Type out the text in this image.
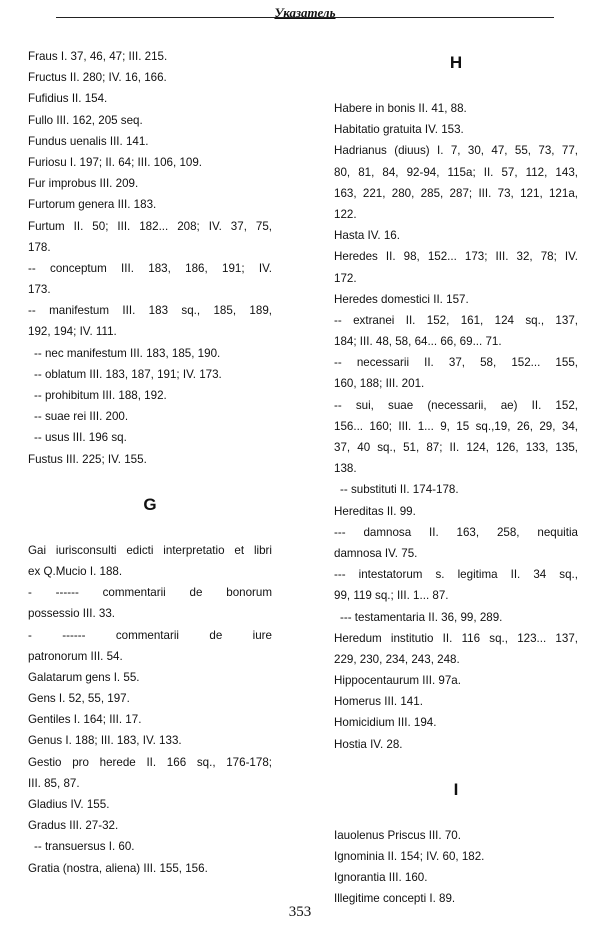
Указатель
Fraus I. 37, 46, 47; III. 215.
Fructus II. 280; IV. 16, 166.
Fufidius II. 154.
Fullo III. 162, 205 seq.
Fundus uenalis III. 141.
Furiosu I. 197; II. 64; III. 106, 109.
Fur improbus III. 209.
Furtorum genera III. 183.
Furtum II. 50; III. 182... 208; IV. 37, 75,
178.
-- conceptum III. 183, 186, 191; IV.
173.
-- manifestum III. 183 sq., 185, 189,
192, 194; IV. 111.
-- nec manifestum III. 183, 185, 190.
-- oblatum III. 183, 187, 191; IV. 173.
-- prohibitum III. 188, 192.
-- suae rei III. 200.
-- usus III. 196 sq.
Fustus III. 225; IV. 155.
G
Gai iurisconsulti edicti interpretatio et libri
ex Q.Mucio I. 188.
- ------ commentarii de bonorum
possessio III. 33.
- ------ commentarii de iure
patronorum III. 54.
Galatarum gens I. 55.
Gens I. 52, 55, 197.
Gentiles I. 164; III. 17.
Genus I. 188; III. 183, IV. 133.
Gestio pro herede II. 166 sq., 176-178;
III. 85, 87.
Gladius IV. 155.
Gradus III. 27-32.
-- transuersus I. 60.
Gratia (nostra, aliena) III. 155, 156.
H
Habere in bonis II. 41, 88.
Habitatio gratuita IV. 153.
Hadrianus (diuus) I. 7, 30, 47, 55, 73, 77,
80, 81, 84, 92-94, 115a; II. 57, 112, 143,
163, 221, 280, 285, 287; III. 73, 121, 121a,
122.
Hasta IV. 16.
Heredes II. 98, 152... 173; III. 32, 78; IV.
172.
Heredes domestici II. 157.
-- extranei II. 152, 161, 124 sq., 137,
184; III. 48, 58, 64... 66, 69... 71.
-- necessarii II. 37, 58, 152... 155,
160, 188; III. 201.
-- sui, suae (necessarii, ae) II. 152,
156... 160; III. 1... 9, 15 sq.,19, 26, 29, 34,
37, 40 sq., 51, 87; II. 124, 126, 133, 135,
138.
-- substituti II. 174-178.
Hereditas II. 99.
--- damnosa II. 163, 258, nequitia
damnosa IV. 75.
--- intestatorum s. legitima II. 34 sq.,
99, 119 sq.; III. 1... 87.
--- testamentaria II. 36, 99, 289.
Heredum institutio II. 116 sq., 123... 137,
229, 230, 234, 243, 248.
Hippocentaurum III. 97a.
Homerus III. 141.
Homicidium III. 194.
Hostia IV. 28.
I
Iauolenus Priscus III. 70.
Ignominia II. 154; IV. 60, 182.
Ignorantia III. 160.
Illegitime concepti I. 89.
353
